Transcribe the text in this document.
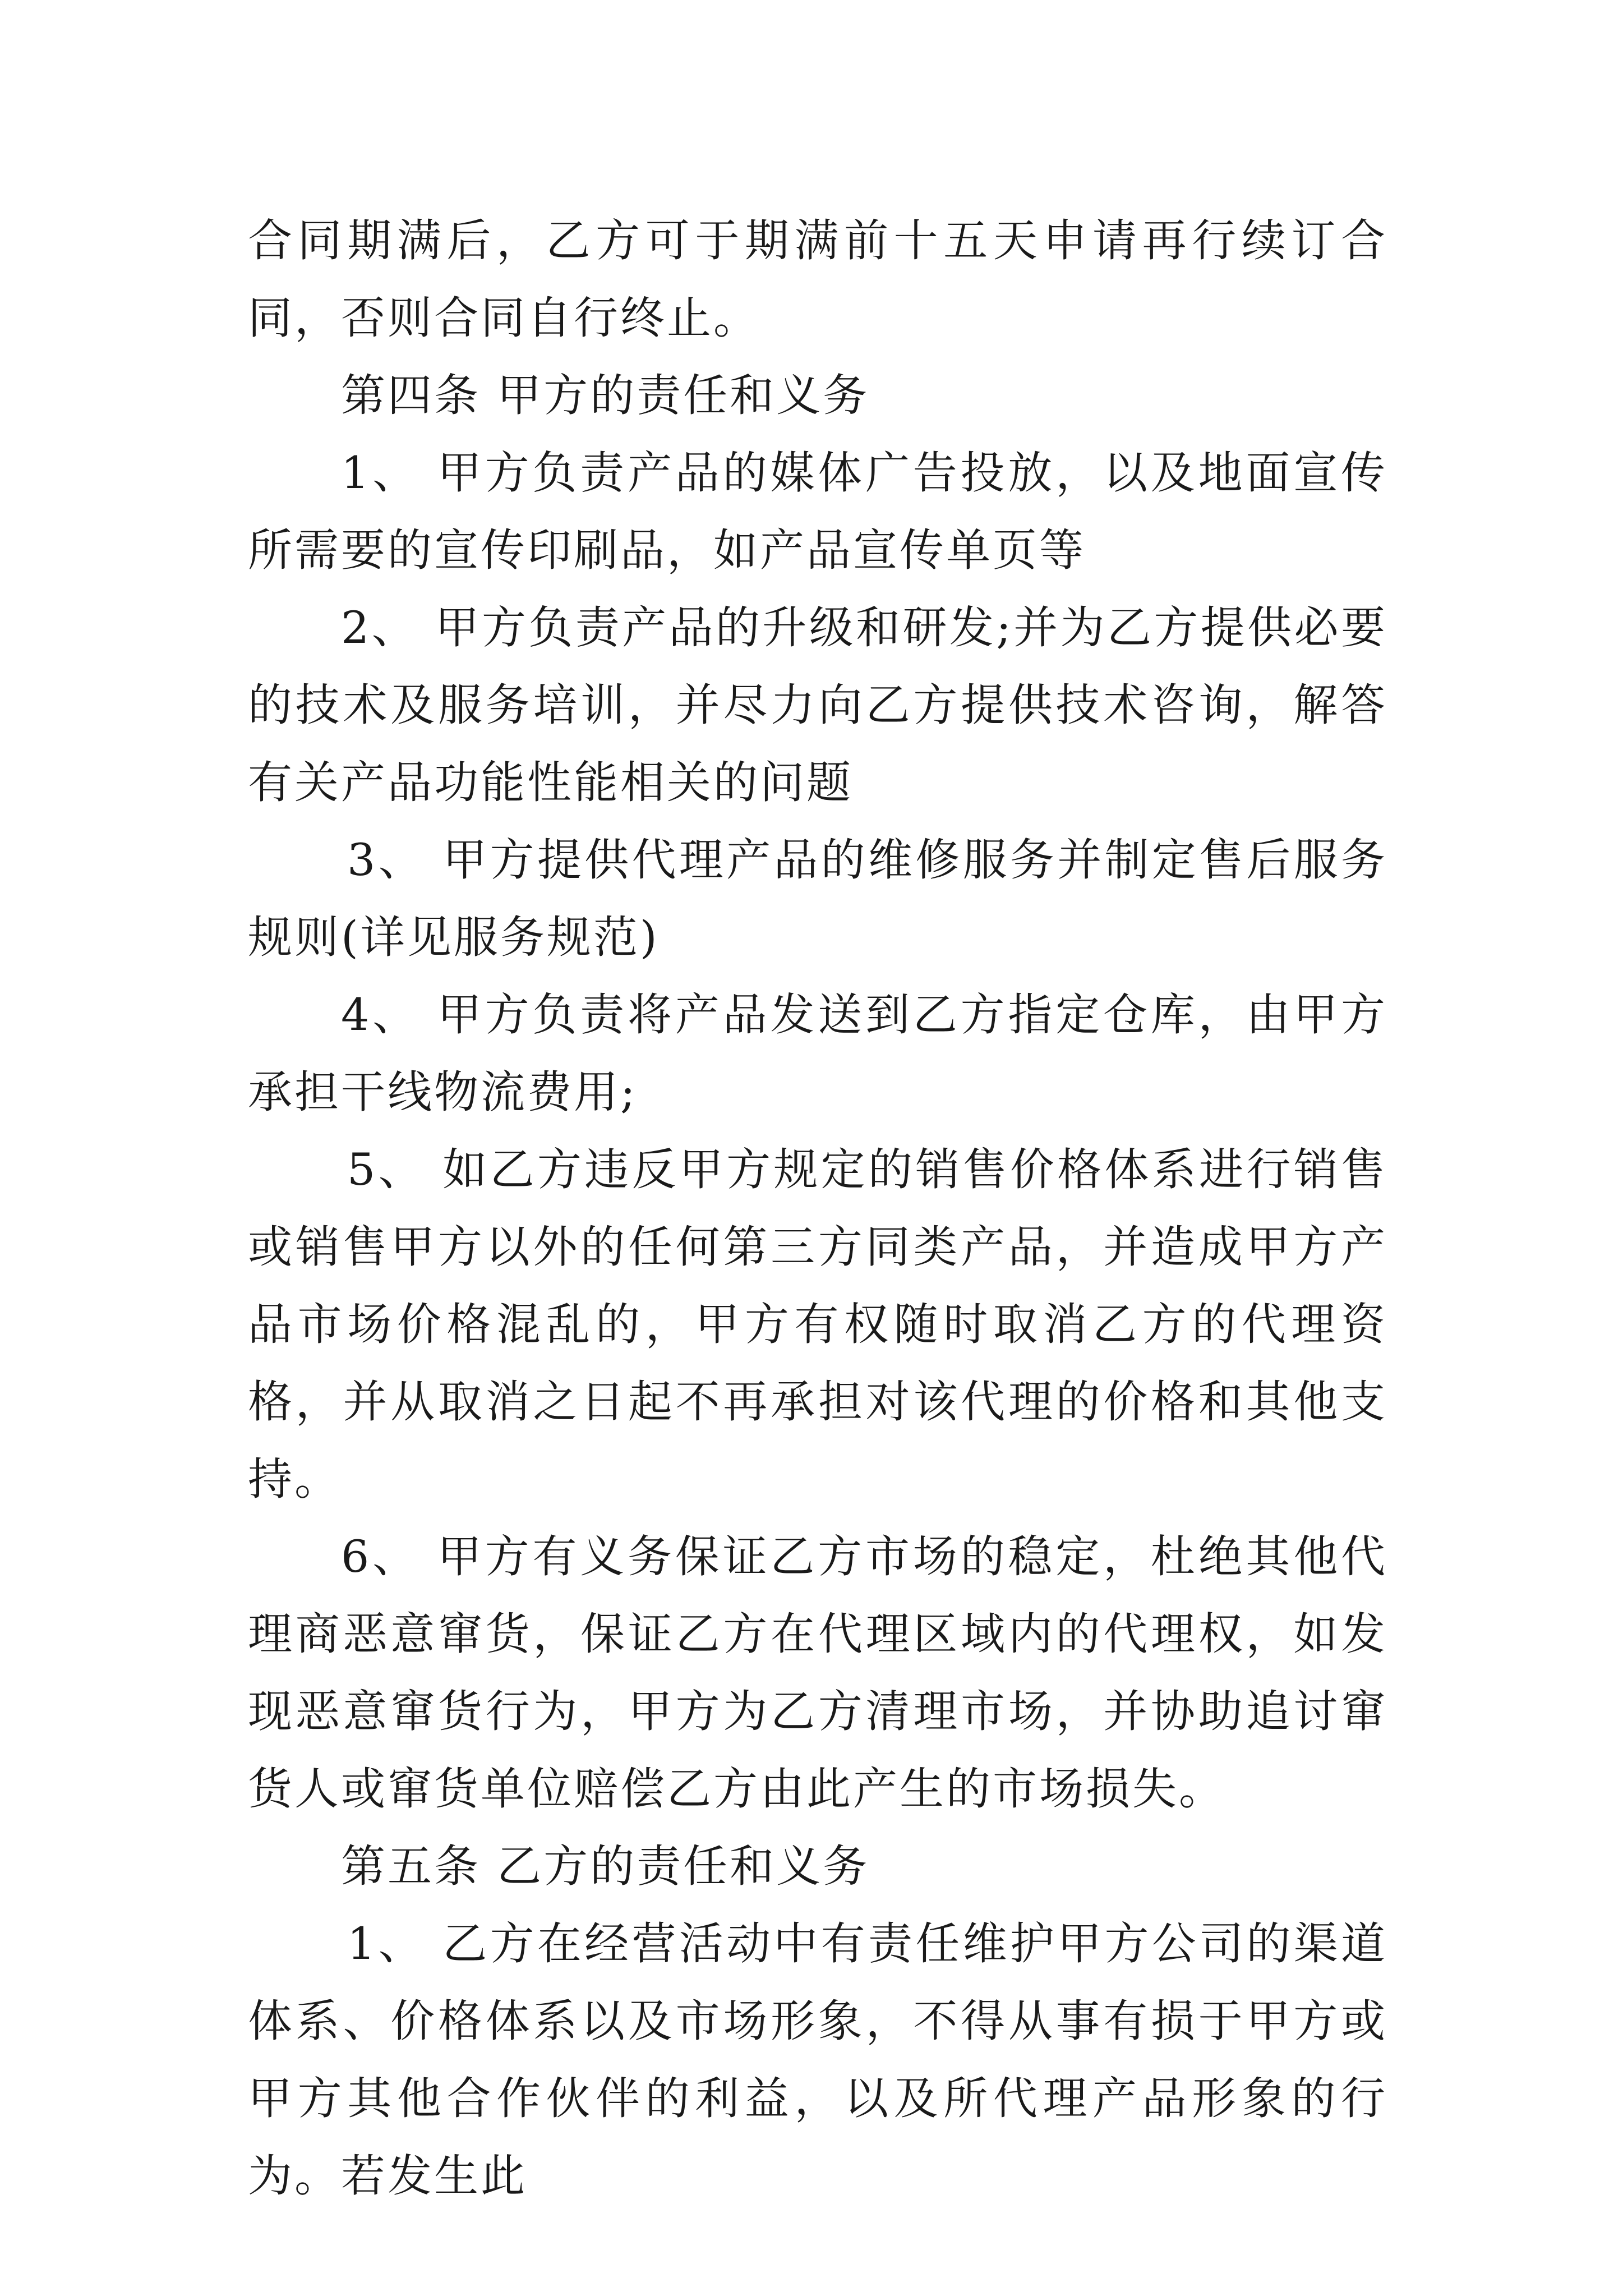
合同期满后，乙方可于期满前十五天申请再行续订合同，否则合同自行终止。

第四条 甲方的责任和义务

1、 甲方负责产品的媒体广告投放，以及地面宣传所需要的宣传印刷品，如产品宣传单页等

2、 甲方负责产品的升级和研发;并为乙方提供必要的技术及服务培训，并尽力向乙方提供技术咨询，解答有关产品功能性能相关的问题

3、 甲方提供代理产品的维修服务并制定售后服务规则(详见服务规范)

4、 甲方负责将产品发送到乙方指定仓库，由甲方承担干线物流费用;

5、 如乙方违反甲方规定的销售价格体系进行销售或销售甲方以外的任何第三方同类产品，并造成甲方产品市场价格混乱的，甲方有权随时取消乙方的代理资格，并从取消之日起不再承担对该代理的价格和其他支持。

6、 甲方有义务保证乙方市场的稳定，杜绝其他代理商恶意窜货，保证乙方在代理区域内的代理权，如发现恶意窜货行为，甲方为乙方清理市场，并协助追讨窜货人或窜货单位赔偿乙方由此产生的市场损失。

第五条 乙方的责任和义务

1、 乙方在经营活动中有责任维护甲方公司的渠道体系、价格体系以及市场形象，不得从事有损于甲方或甲方其他合作伙伴的利益，以及所代理产品形象的行为。若发生此
